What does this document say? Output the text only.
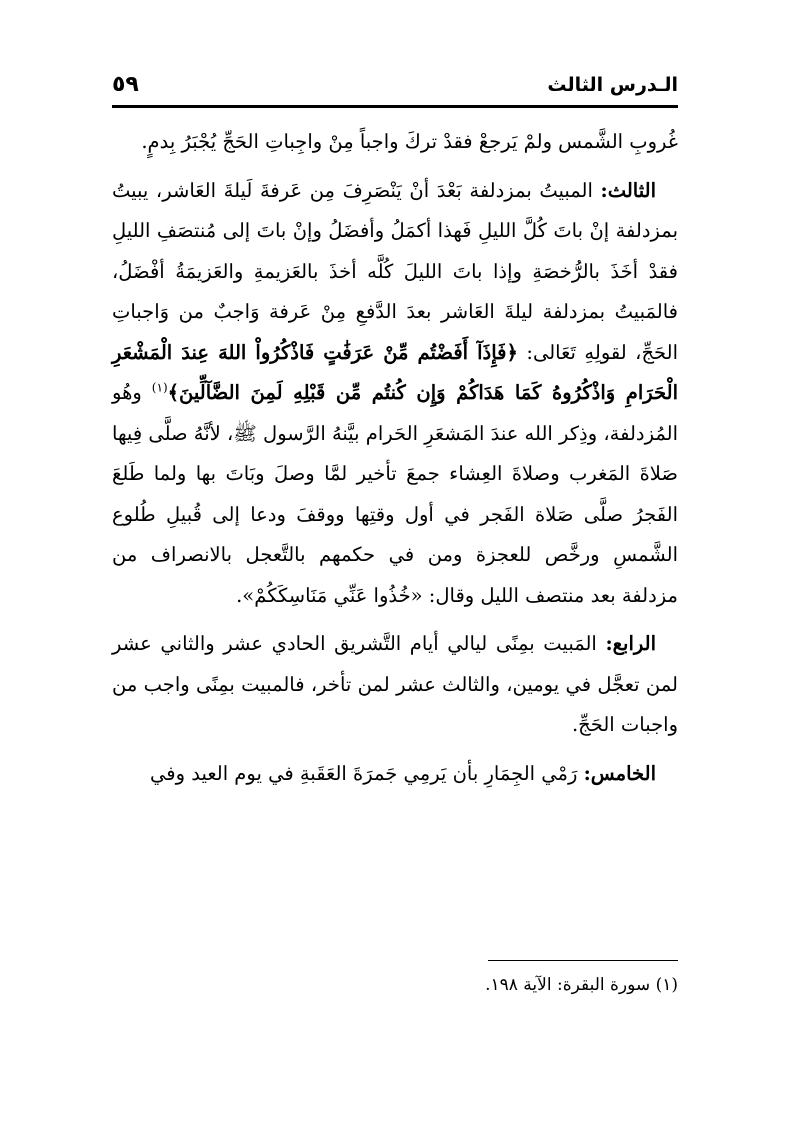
الـدرس الثالث
٥٩

غُروبِ الشَّمس ولمْ يَرجعْ فقدْ تركَ واجباً مِنْ واجِباتِ الحَجِّ يُجْبَرُ بِدمٍ.

الثالث: المبيتُ بمزدلفة بَعْدَ أنْ يَنْصَرِفَ مِن عَرفةَ لَيلةَ العَاشر، يبيتُ بمزدلفة إنْ باتَ كُلَّ الليلِ فَهذا أكمَلُ وأفضَلُ وإنْ باتَ إلى مُنتصَفِ الليلِ فقدْ أخَذَ بالرُّخصَةِ وإذا باتَ الليلَ كُلَّه أخذَ بالعَزيمةِ والعَزيمَةُ أفْضَلُ، فالمَبيتُ بمزدلفة ليلةَ العَاشر بعدَ الدَّفعِ مِنْ عَرفة وَاجبٌ من وَاجباتِ الحَجِّ، لقولِهِ تَعَالى: ﴿فَإِذَآ أَفَضْتُم مِّنْ عَرَفَٰتٍ فَاذْكُرُواْ اللهَ عِندَ الْمَشْعَرِ الْحَرَامِ وَاذْكُرُوهُ كَمَا هَدَاكُمْ وَإِن كُنتُم مِّن قَبْلِهِ لَمِنَ الضَّآلِّينَ﴾$^{(١)}$ وهُو المُزدلفة، وذِكر الله عندَ المَشعَرِ الحَرام بيَّنهُ الرَّسول ﷺ، لأنَّهُ صلَّى فِيها صَلاةَ المَغرب وصلاةَ العِشاء جمعَ تأخير لمَّا وصلَ وبَاتَ بها ولما طَلعَ الفَجرُ صلَّى صَلاة الفَجر في أول وقتِها ووقفَ ودعا إلى قُبيلِ طُلوع الشَّمسِ ورخَّص للعجزة ومن في حكمهم بالتَّعجل بالانصراف من مزدلفة بعد منتصف الليل وقال: «خُذُوا عَنِّي مَنَاسِكَكُمْ».

الرابع: المَبيت بمِنًى ليالي أيام التَّشريق الحادي عشر والثاني عشر لمن تعجَّل في يومين، والثالث عشر لمن تأخر، فالمبيت بمِنًى واجب من واجبات الحَجِّ.

الخامس: رَمْي الجِمَارِ بأن يَرمِي جَمرَةَ العَقَبةِ في يوم العيد وفي

(١) سورة البقرة: الآية ١٩٨.
